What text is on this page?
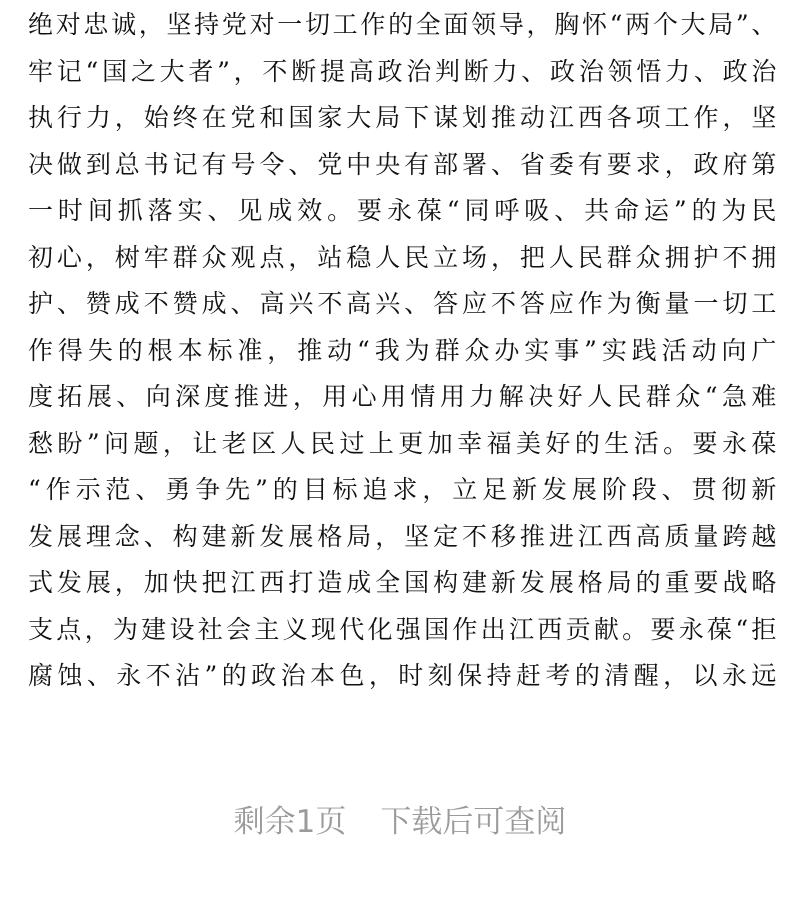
绝对忠诚，坚持党对一切工作的全面领导，胸怀“两个大局”、
牢记“国之大者”，不断提高政治判断力、政治领悟力、政治
执行力，始终在党和国家大局下谋划推动江西各项工作，坚
决做到总书记有号令、党中央有部署、省委有要求，政府第
一时间抓落实、见成效。要永葆“同呼吸、共命运”的为民
初心，树牢群众观点，站稳人民立场，把人民群众拥护不拥
护、赞成不赞成、高兴不高兴、答应不答应作为衡量一切工
作得失的根本标准，推动“我为群众办实事”实践活动向广
度拓展、向深度推进，用心用情用力解决好人民群众“急难
愁盼”问题，让老区人民过上更加幸福美好的生活。要永葆
“作示范、勇争先”的目标追求，立足新发展阶段、贯彻新
发展理念、构建新发展格局，坚定不移推进江西高质量跨越
式发展，加快把江西打造成全国构建新发展格局的重要战略
支点，为建设社会主义现代化强国作出江西贡献。要永葆“拒
腐蚀、永不沾”的政治本色，时刻保持赶考的清醒，以永远
剩余1页 下载后可查阅
